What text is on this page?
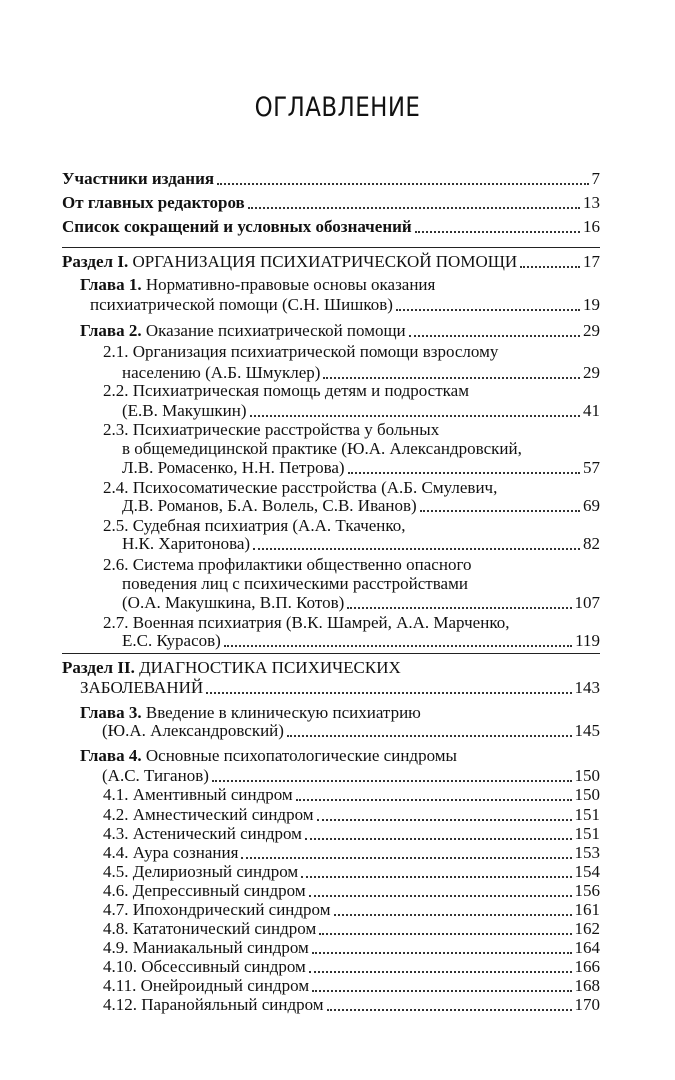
ОГЛАВЛЕНИЕ
Участники издания	7
От главных редакторов	13
Список сокращений и условных обозначений	16
Раздел I. ОРГАНИЗАЦИЯ ПСИХИАТРИЧЕСКОЙ ПОМОЩИ	17
Глава 1. Нормативно-правовые основы оказания
психиатрической помощи (С.Н. Шишков)	19
Глава 2. Оказание психиатрической помощи	29
2.1. Организация психиатрической помощи взрослому
населению (А.Б. Шмуклер)	29
2.2. Психиатрическая помощь детям и подросткам
(Е.В. Макушкин)	41
2.3. Психиатрические расстройства у больных
в общемедицинской практике (Ю.А. Александровский,
Л.В. Ромасенко, Н.Н. Петрова)	57
2.4. Психосоматические расстройства (А.Б. Смулевич,
Д.В. Романов, Б.А. Волель, С.В. Иванов)	69
2.5. Судебная психиатрия (А.А. Ткаченко,
Н.К. Харитонова)	82
2.6. Система профилактики общественно опасного
поведения лиц с психическими расстройствами
(О.А. Макушкина, В.П. Котов)	107
2.7. Военная психиатрия (В.К. Шамрей, А.А. Марченко,
Е.С. Курасов)	119
Раздел II. ДИАГНОСТИКА ПСИХИЧЕСКИХ
ЗАБОЛЕВАНИЙ	143
Глава 3. Введение в клиническую психиатрию
(Ю.А. Александровский)	145
Глава 4. Основные психопатологические синдромы
(А.С. Тиганов)	150
4.1. Аментивный синдром	150
4.2. Амнестический синдром	151
4.3. Астенический синдром	151
4.4. Аура сознания	153
4.5. Делириозный синдром	154
4.6. Депрессивный синдром	156
4.7. Ипохондрический синдром	161
4.8. Кататонический синдром	162
4.9. Маниакальный синдром	164
4.10. Обсессивный синдром	166
4.11. Онейроидный синдром	168
4.12. Паранойяльный синдром	170
